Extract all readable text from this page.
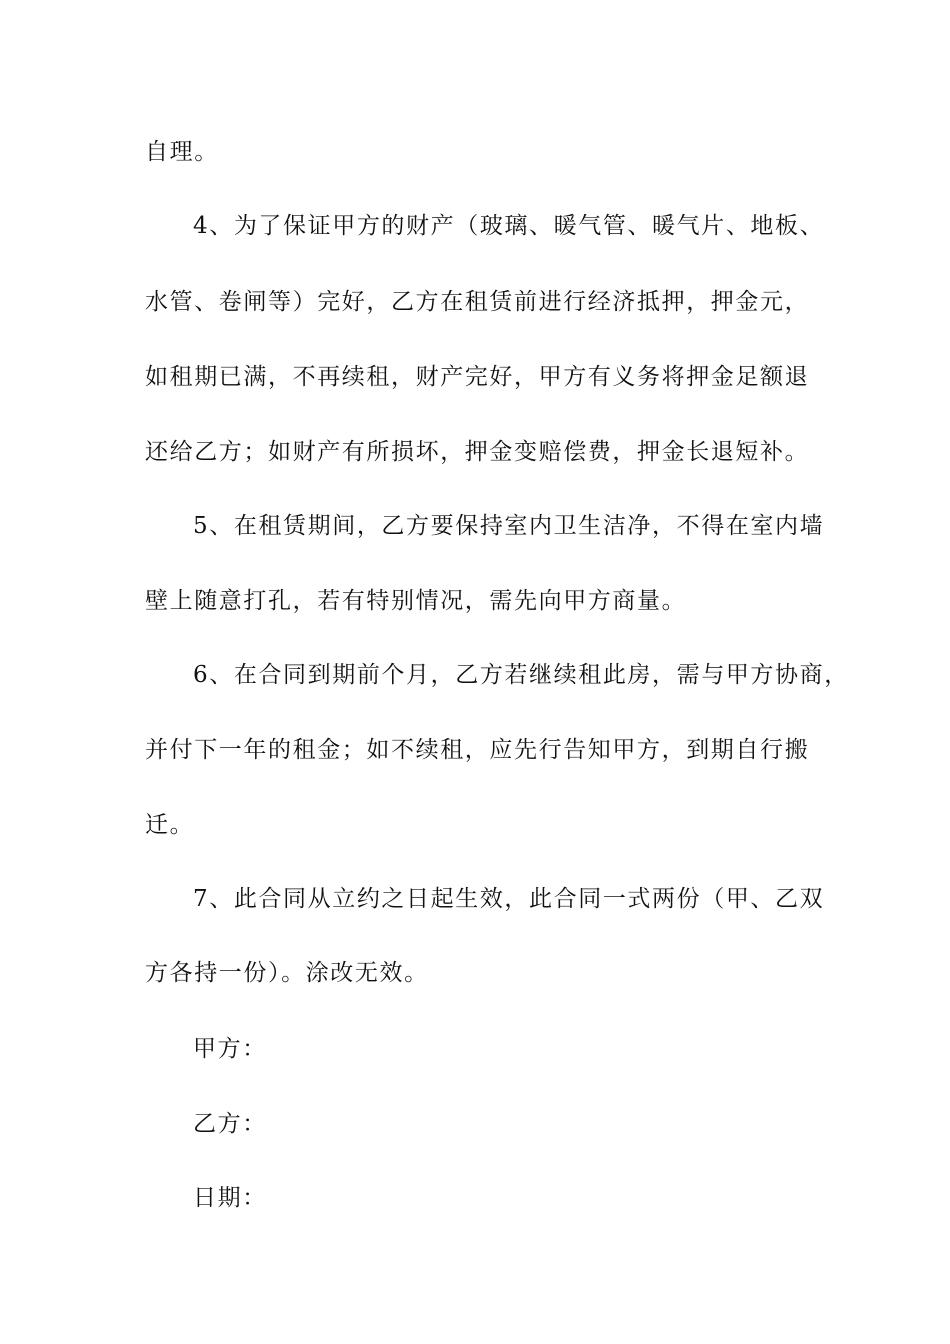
自理。
4、为了保证甲方的财产（玻璃、暖气管、暖气片、地板、
水管、卷闸等）完好，乙方在租赁前进行经济抵押，押金元，
如租期已满，不再续租，财产完好，甲方有义务将押金足额退
还给乙方；如财产有所损坏，押金变赔偿费，押金长退短补。
5、在租赁期间，乙方要保持室内卫生洁净，不得在室内墙
壁上随意打孔，若有特别情况，需先向甲方商量。
6、在合同到期前个月，乙方若继续租此房，需与甲方协商，
并付下一年的租金；如不续租，应先行告知甲方，到期自行搬
迁。
7、此合同从立约之日起生效，此合同一式两份（甲、乙双
方各持一份）。涂改无效。
甲方：
乙方：
日期：
